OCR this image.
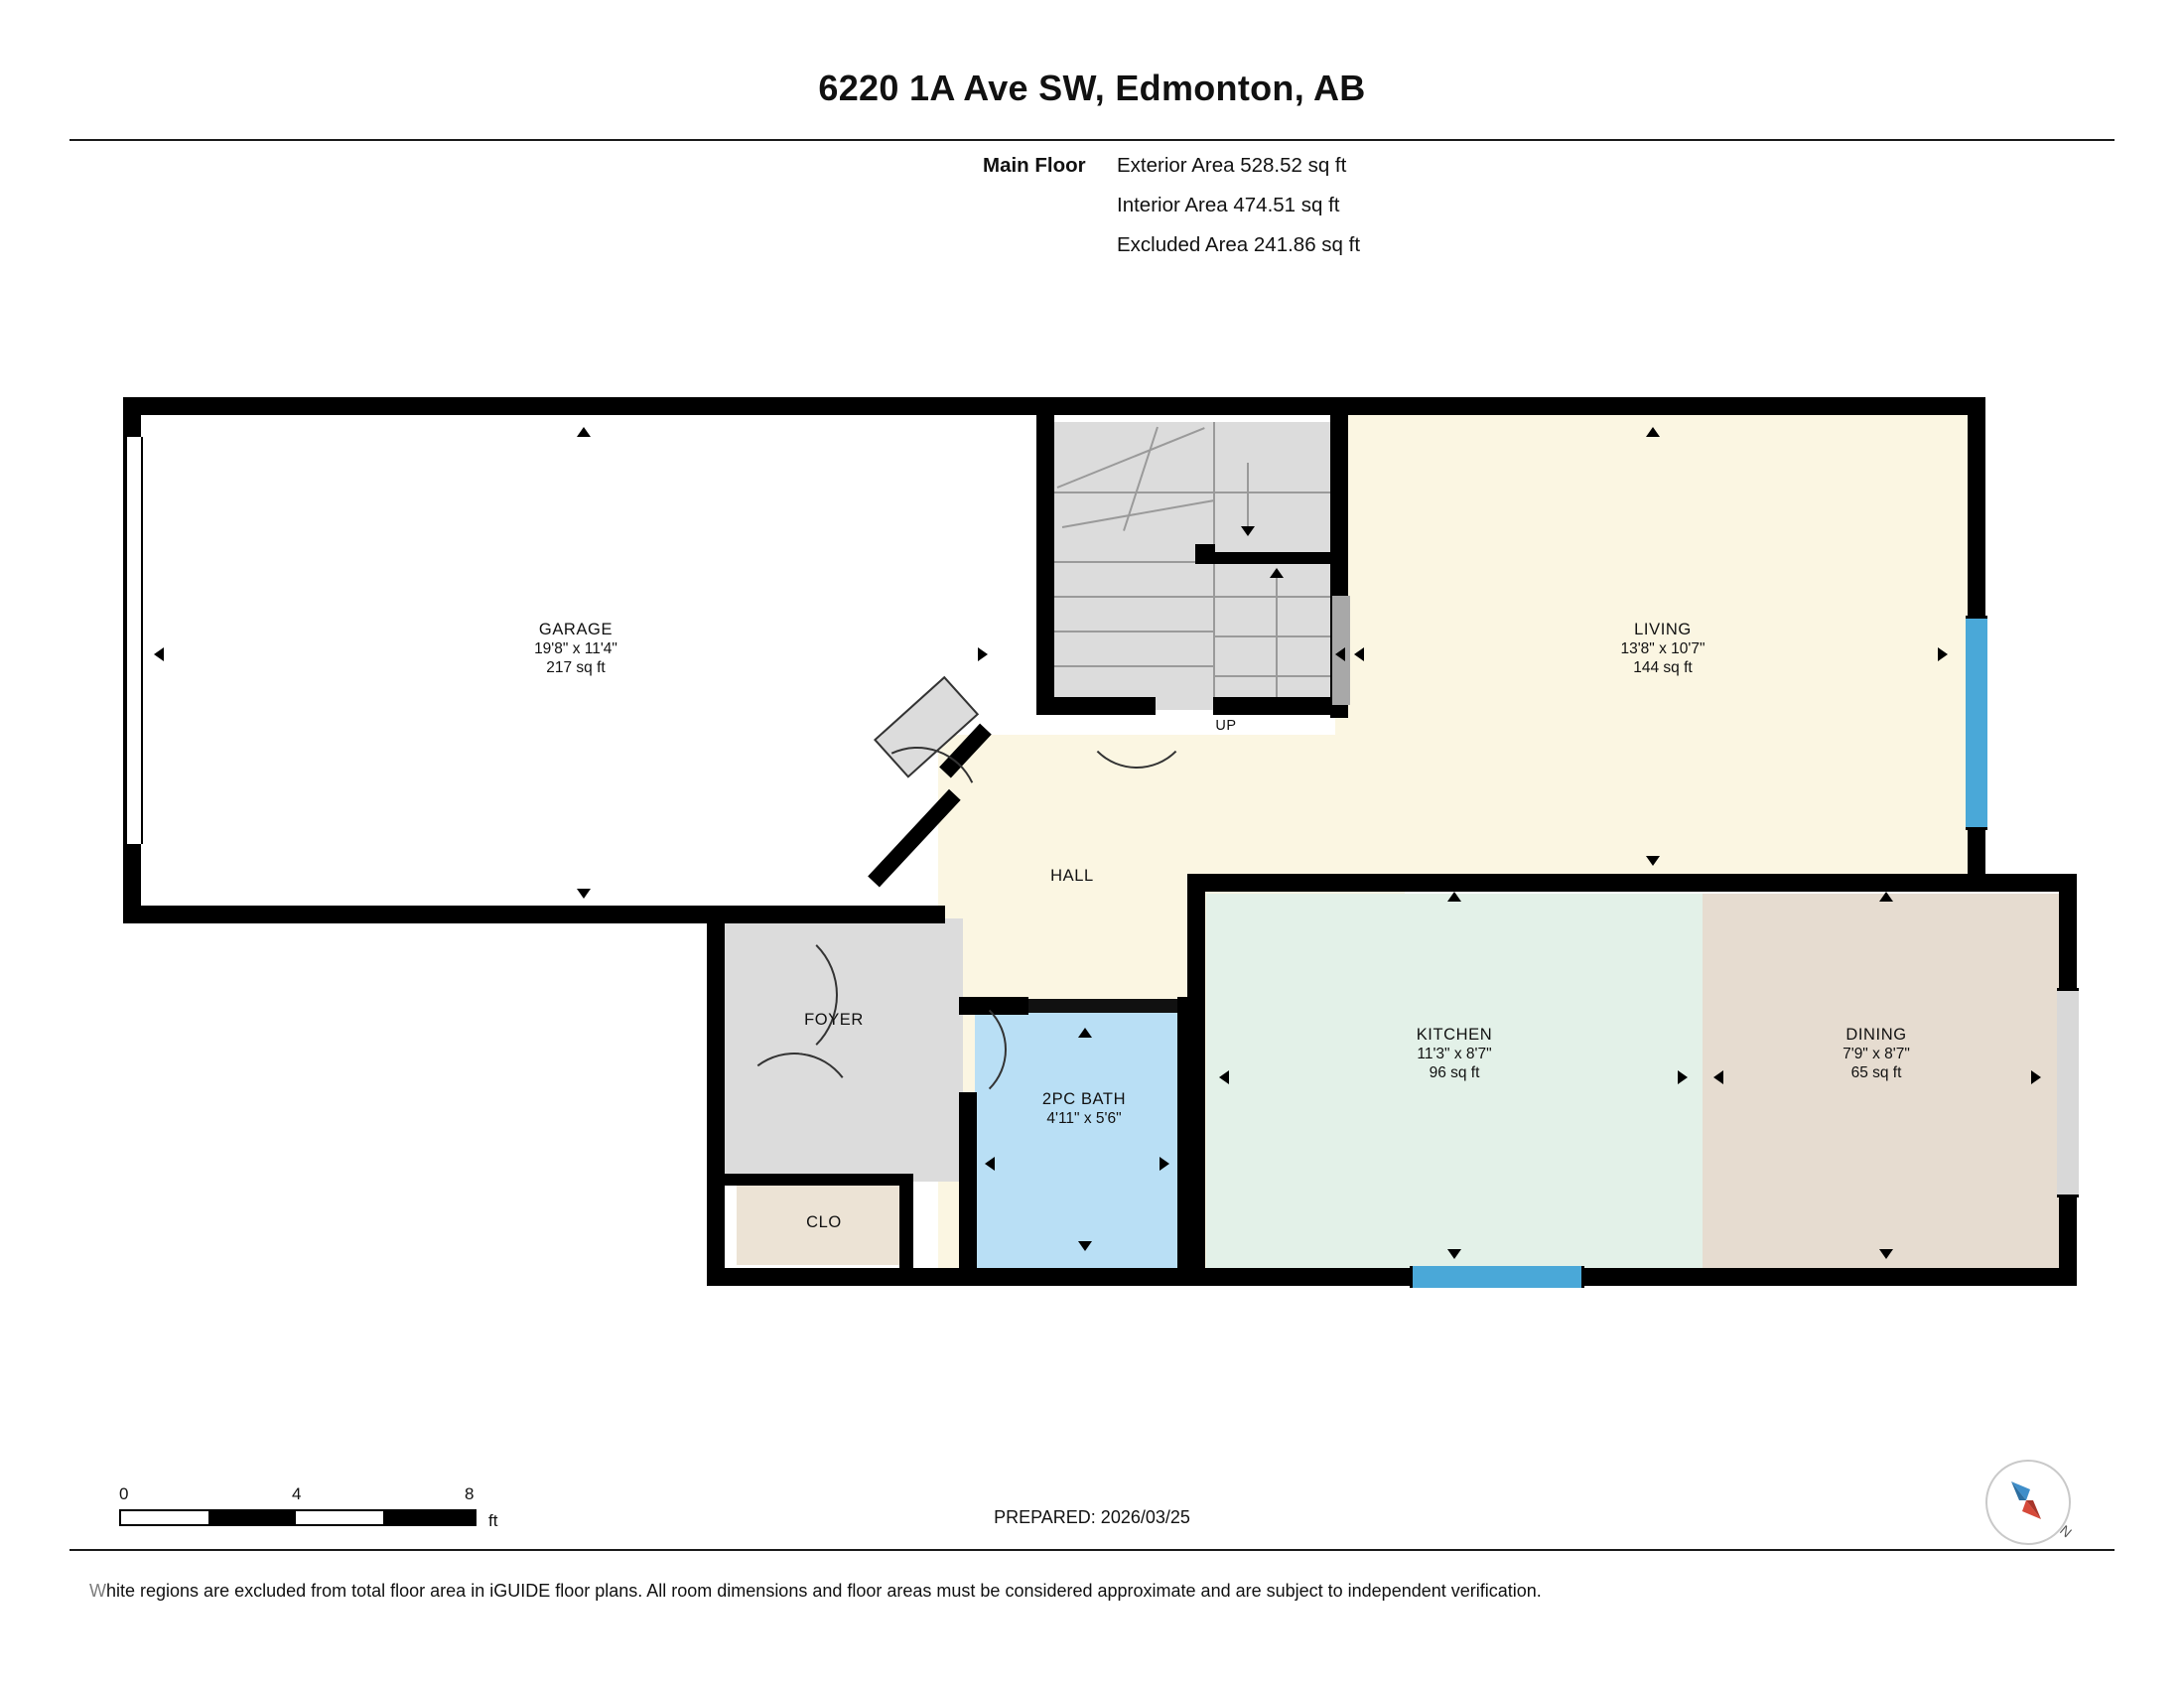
6220 1A Ave SW, Edmonton, AB
Main Floor	Exterior Area 528.52 sq ft
Interior Area 474.51 sq ft
Excluded Area 241.86 sq ft
UP
GARAGE
19'8" x 11'4"
217 sq ft
LIVING
13'8" x 10'7"
144 sq ft
KITCHEN
11'3" x 8'7"
96 sq ft
DINING
7'9" x 8'7"
65 sq ft
2PC BATH
4'11" x 5'6"
HALL
FOYER
CLO
0	4	8
ft	PREPARED: 2026/03/25
N
White regions are excluded from total floor area in iGUIDE floor plans. All room dimensions and floor areas must be considered approximate and are subject to independent verification.
